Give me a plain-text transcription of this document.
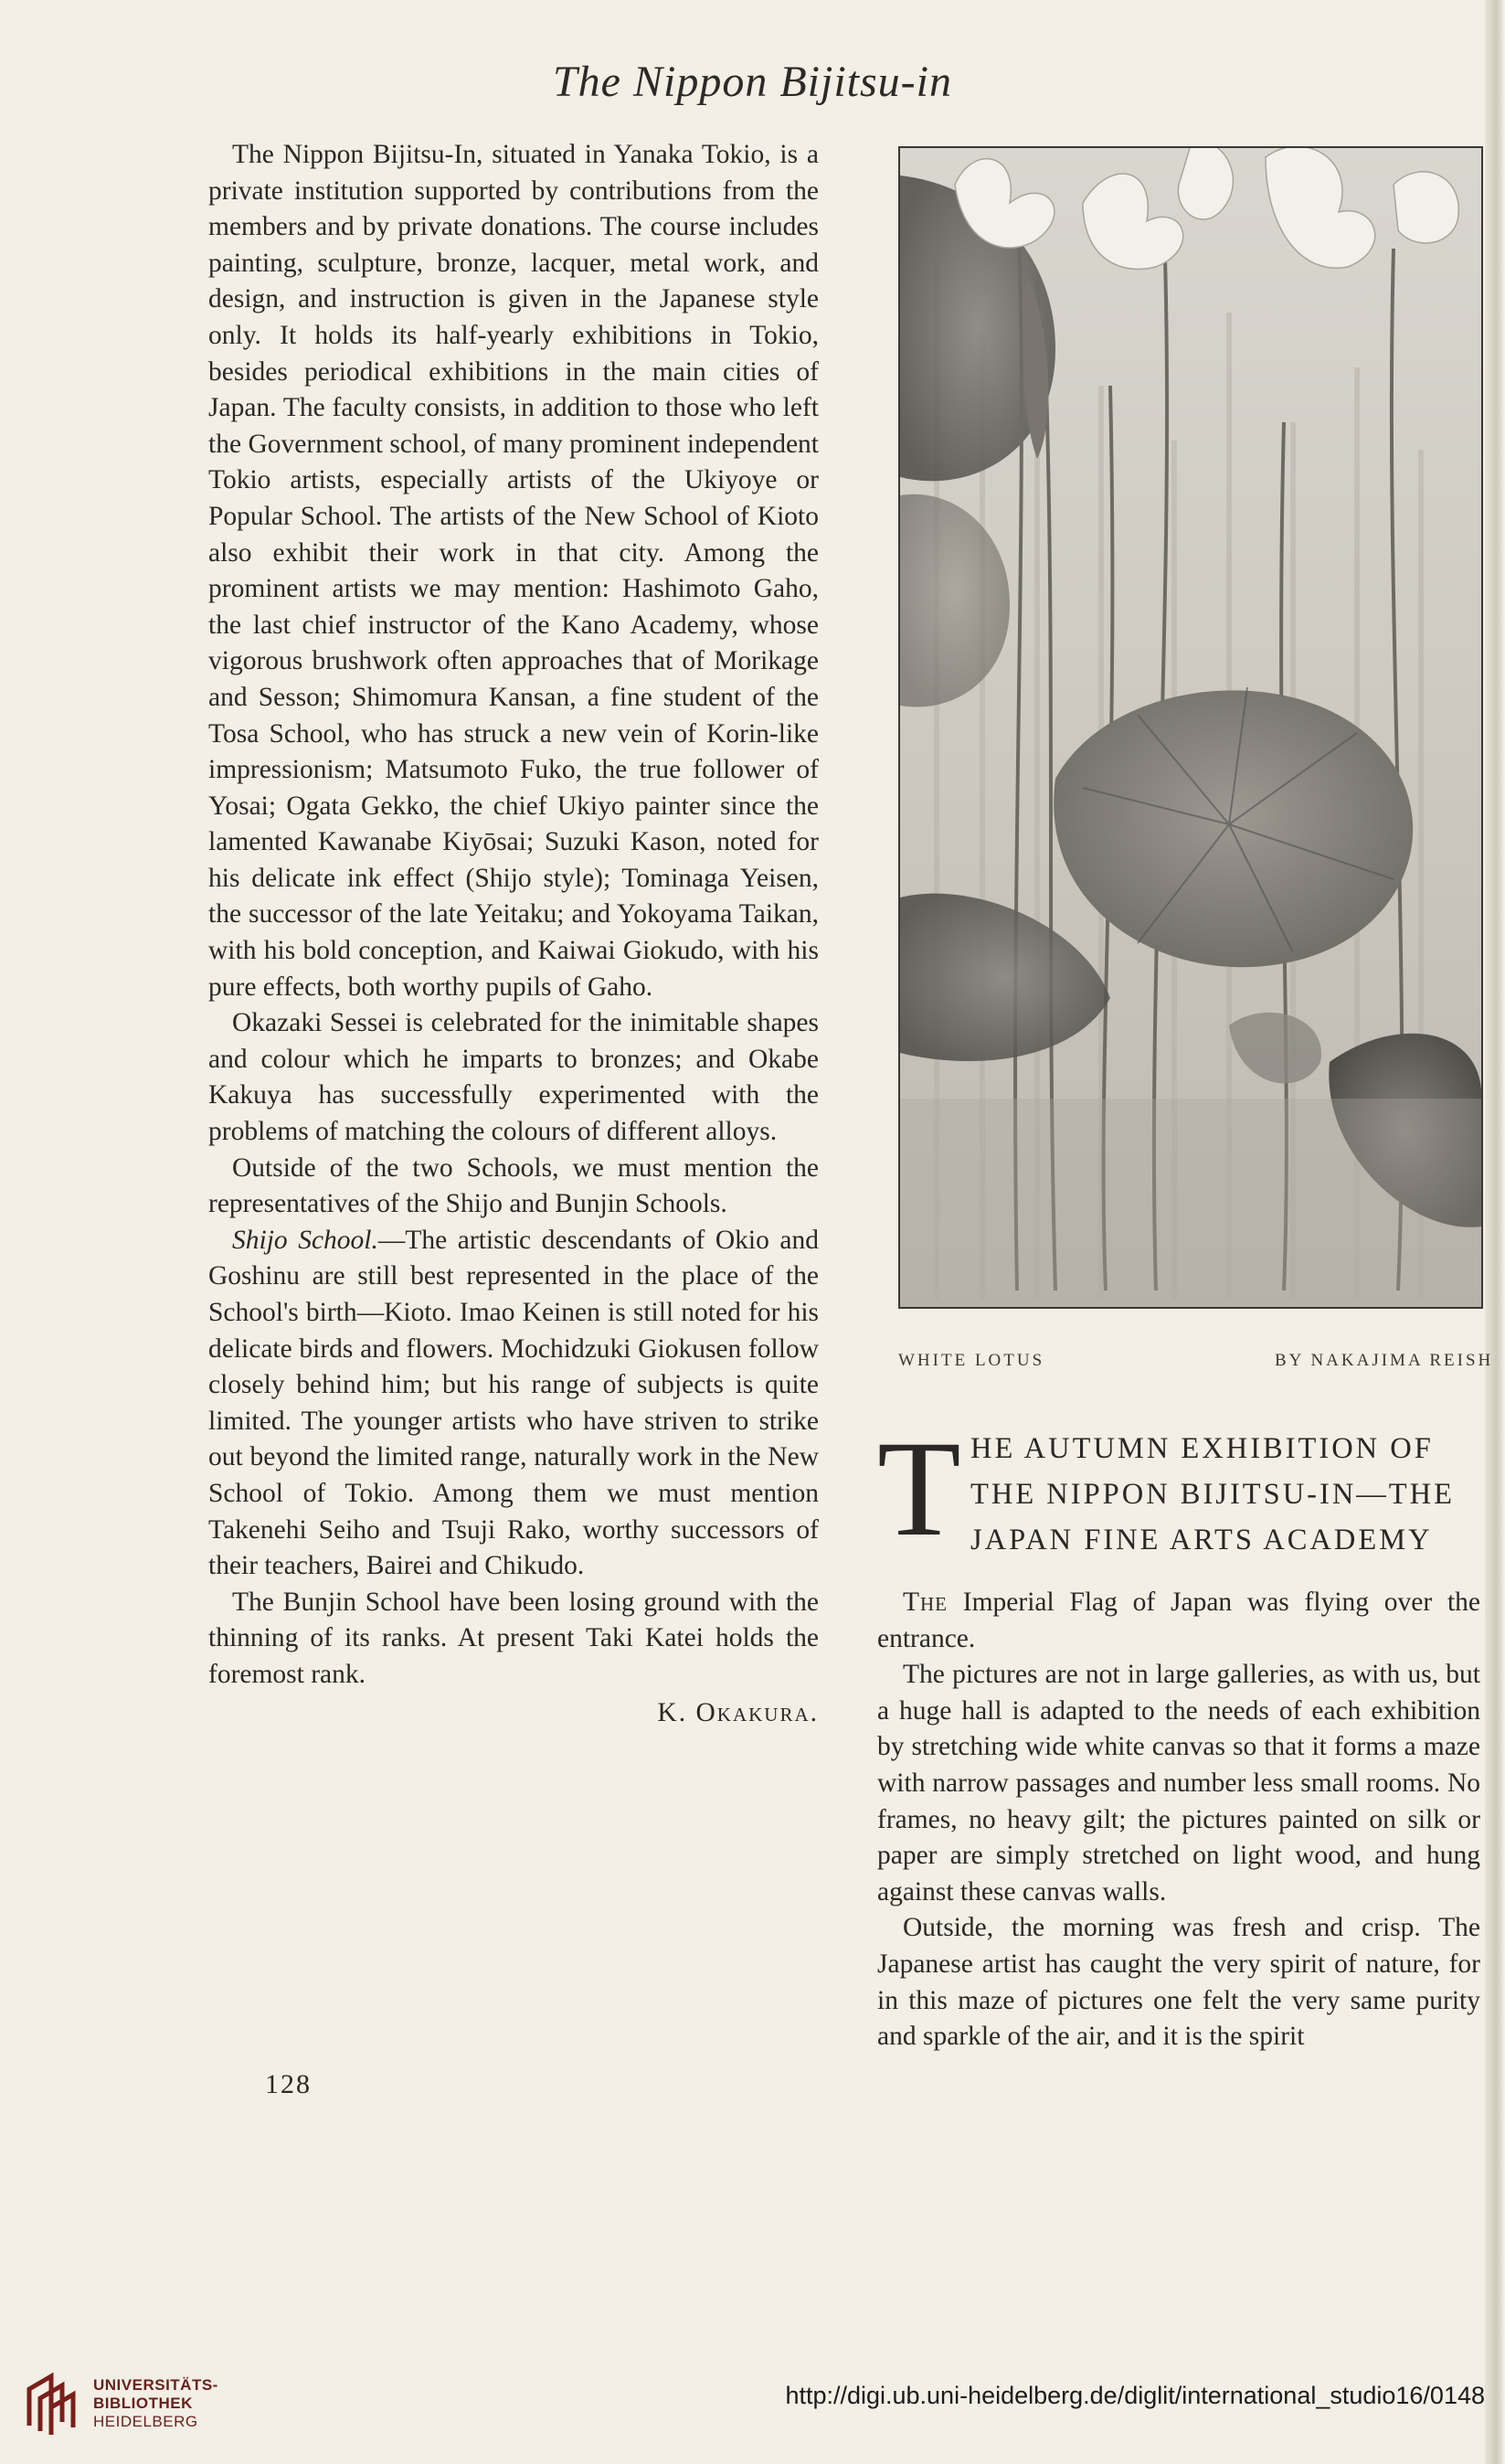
The Nippon Bijitsu-in

The Nippon Bijitsu-In, situated in Yanaka Tokio, is a private institution supported by contributions from the members and by private donations. The course includes painting, sculpture, bronze, lacquer, metal work, and design, and instruction is given in the Japanese style only. It holds its half-yearly exhibitions in Tokio, besides periodical exhibitions in the main cities of Japan. The faculty consists, in addition to those who left the Government school, of many prominent independent Tokio artists, especially artists of the Ukiyoye or Popular School. The artists of the New School of Kioto also exhibit their work in that city. Among the prominent artists we may mention: Hashimoto Gaho, the last chief instructor of the Kano Academy, whose vigorous brushwork often approaches that of Morikage and Sesson; Shimomura Kansan, a fine student of the Tosa School, who has struck a new vein of Korin-like impressionism; Matsumoto Fuko, the true follower of Yosai; Ogata Gekko, the chief Ukiyo painter since the lamented Kawanabe Kiyōsai; Suzuki Kason, noted for his delicate ink effect (Shijo style); Tominaga Yeisen, the successor of the late Yeitaku; and Yokoyama Taikan, with his bold conception, and Kaiwai Giokudo, with his pure effects, both worthy pupils of Gaho.

Okazaki Sessei is celebrated for the inimitable shapes and colour which he imparts to bronzes; and Okabe Kakuya has successfully experimented with the problems of matching the colours of different alloys.

Outside of the two Schools, we must mention the representatives of the Shijo and Bunjin Schools.

Shijo School.—The artistic descendants of Okio and Goshinu are still best represented in the place of the School's birth—Kioto. Imao Keinen is still noted for his delicate birds and flowers. Mochidzuki Giokusen follow closely behind him; but his range of subjects is quite limited. The younger artists who have striven to strike out beyond the limited range, naturally work in the New School of Tokio. Among them we must mention Takenehi Seiho and Tsuji Rako, worthy successors of their teachers, Bairei and Chikudo.

The Bunjin School have been losing ground with the thinning of its ranks. At present Taki Katei holds the foremost rank.

K. Okakura.

128
WHITE LOTUS	BY NAKAJIMA REISH
T HE AUTUMN EXHIBITION OF
THE NIPPON BIJITSU-IN—THE
JAPAN FINE ARTS ACADEMY

The Imperial Flag of Japan was flying over the entrance.

The pictures are not in large galleries, as with us, but a huge hall is adapted to the needs of each exhibition by stretching wide white canvas so that it forms a maze with narrow passages and number less small rooms. No frames, no heavy gilt; the pictures painted on silk or paper are simply stretched on light wood, and hung against these canvas walls.

Outside, the morning was fresh and crisp. The Japanese artist has caught the very spirit of nature, for in this maze of pictures one felt the very same purity and sparkle of the air, and it is the spirit

UNIVERSITÄTS-
BIBLIOTHEK
HEIDELBERG
http://digi.ub.uni-heidelberg.de/diglit/international_studio16/0148
